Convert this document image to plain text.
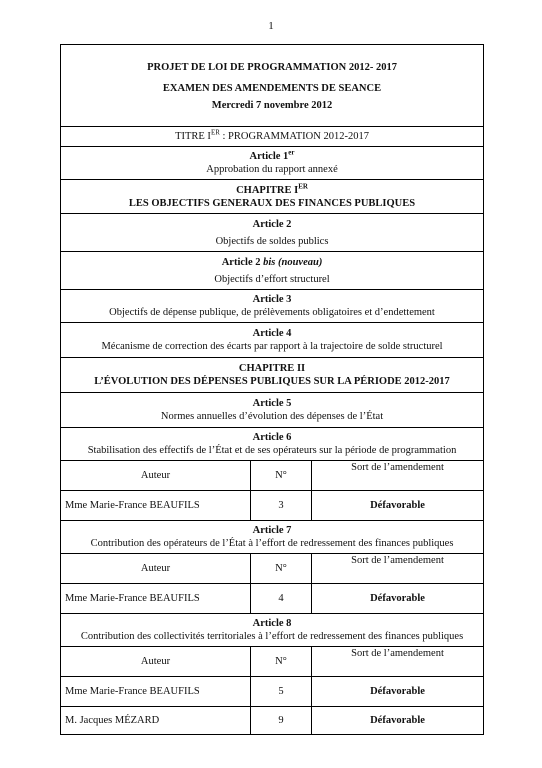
1
PROJET DE LOI DE PROGRAMMATION 2012- 2017
EXAMEN DES AMENDEMENTS DE SEANCE
Mercredi 7 novembre 2012		

TITRE IER : PROGRAMMATION 2012-2017		

Article 1er
Approbation du rapport annexé		

CHAPITRE IER
LES OBJECTIFS GENERAUX DES FINANCES PUBLIQUES		

Article 2
Objectifs de soldes publics		

Article 2 bis (nouveau)
Objectifs d’effort structurel		

Article 3
Objectifs de dépense publique, de prélèvements obligatoires et d’endettement		

Article 4
Mécanisme de correction des écarts par rapport à la trajectoire de solde structurel		

CHAPITRE II
L’ÉVOLUTION DES DÉPENSES PUBLIQUES SUR LA PÉRIODE 2012-2017		

Article 5
Normes annuelles d’évolution des dépenses de l’État		

Article 6
Stabilisation des effectifs de l’État et de ses opérateurs sur la période de programmation		

Auteur	N°	Sort de l’amendement
Mme Marie-France BEAUFILS	3	Défavorable

Article 7
Contribution des opérateurs de l’État à l’effort de redressement des finances publiques		

Auteur	N°	Sort de l’amendement
Mme Marie-France BEAUFILS	4	Défavorable

Article 8
Contribution des collectivités territoriales à l’effort de redressement des finances publiques		

Auteur	N°	Sort de l’amendement
Mme Marie-France BEAUFILS	5	Défavorable
M. Jacques MÉZARD	9	Défavorable
